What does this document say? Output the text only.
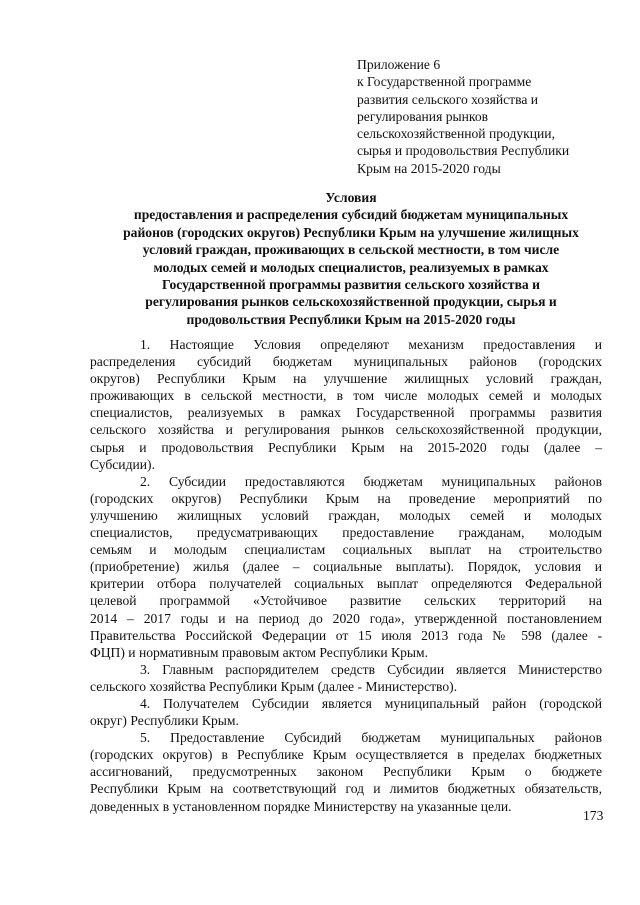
Приложение 6
к Государственной программе
развития сельского хозяйства и
регулирования рынков
сельскохозяйственной продукции,
сырья и продовольствия Республики
Крым на 2015-2020 годы
Условия
предоставления и распределения субсидий бюджетам муниципальных
районов (городских округов) Республики Крым на улучшение жилищных
условий граждан, проживающих в сельской местности, в том числе
молодых семей и молодых специалистов, реализуемых в рамках
Государственной программы развития сельского хозяйства и
регулирования рынков сельскохозяйственной продукции, сырья и
продовольствия Республики Крым на 2015-2020 годы
1. Настоящие Условия определяют механизм предоставления и
распределения субсидий бюджетам муниципальных районов (городских
округов) Республики Крым на улучшение жилищных условий граждан,
проживающих в сельской местности, в том числе молодых семей и молодых
специалистов, реализуемых в рамках Государственной программы развития
сельского хозяйства и регулирования рынков сельскохозяйственной продукции,
сырья и продовольствия Республики Крым на 2015-2020 годы (далее –
Субсидии).
2. Субсидии предоставляются бюджетам муниципальных районов
(городских округов) Республики Крым на проведение мероприятий по
улучшению жилищных условий граждан, молодых семей и молодых
специалистов, предусматривающих предоставление гражданам, молодым
семьям и молодым специалистам социальных выплат на строительство
(приобретение) жилья (далее – социальные выплаты). Порядок, условия и
критерии отбора получателей социальных выплат определяются Федеральной
целевой программой «Устойчивое развитие сельских территорий на
2014 – 2017 годы и на период до 2020 года», утвержденной постановлением
Правительства Российской Федерации от 15 июля 2013 года № 598 (далее -
ФЦП) и нормативным правовым актом Республики Крым.
3. Главным распорядителем средств Субсидии является Министерство
сельского хозяйства Республики Крым (далее - Министерство).
4. Получателем Субсидии является муниципальный район (городской
округ) Республики Крым.
5. Предоставление Субсидий бюджетам муниципальных районов
(городских округов) в Республике Крым осуществляется в пределах бюджетных
ассигнований, предусмотренных законом Республики Крым о бюджете
Республики Крым на соответствующий год и лимитов бюджетных обязательств,
доведенных в установленном порядке Министерству на указанные цели.
173
